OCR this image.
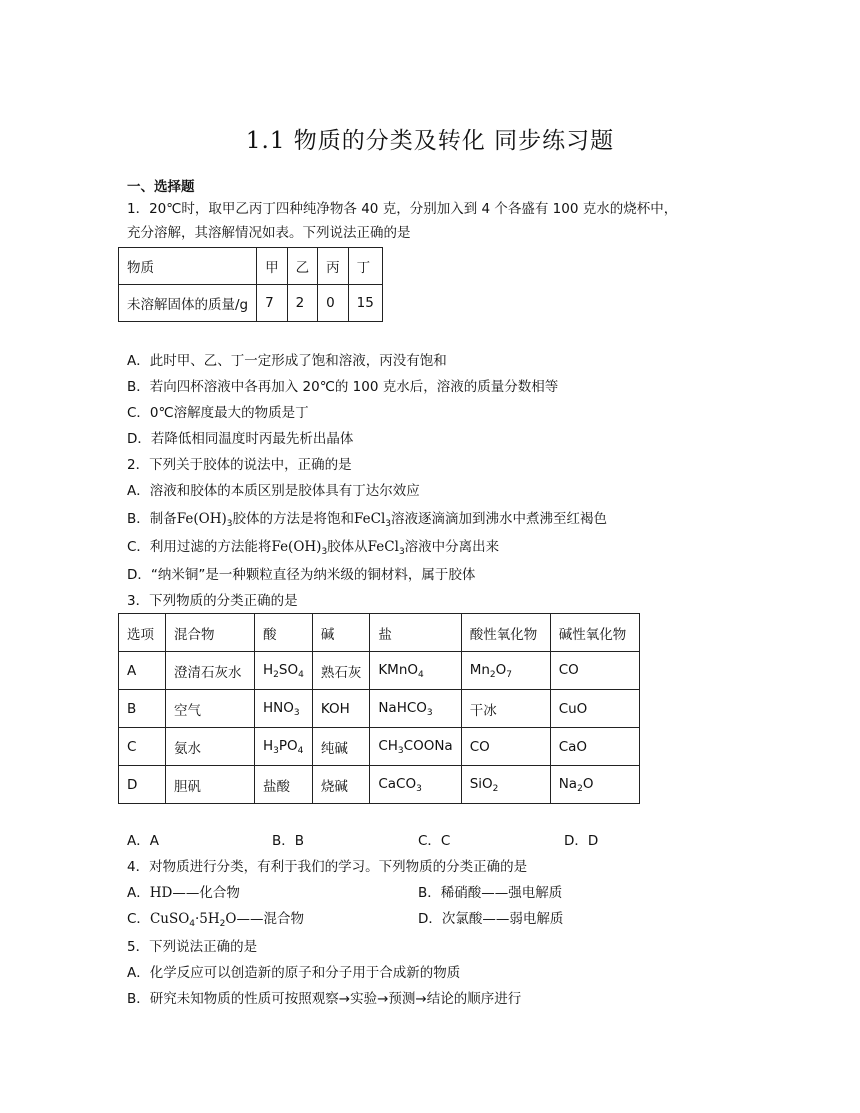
1.1 物质的分类及转化 同步练习题
一、选择题
1．20℃时，取甲乙丙丁四种纯净物各 40 克，分别加入到 4 个各盛有 100 克水的烧杯中，
充分溶解，其溶解情况如表。下列说法正确的是
物质	甲	乙	丙	丁
未溶解固体的质量/g	7	2	0	15
A．此时甲、乙、丁一定形成了饱和溶液，丙没有饱和
B．若向四杯溶液中各再加入 20℃的 100 克水后，溶液的质量分数相等
C．0℃溶解度最大的物质是丁
D．若降低相同温度时丙最先析出晶体
2．下列关于胶体的说法中，正确的是
A．溶液和胶体的本质区别是胶体具有丁达尔效应
B．制备$Fe(OH)_3$胶体的方法是将饱和FeCl$_3$溶液逐滴滴加到沸水中煮沸至红褐色
C．利用过滤的方法能将$Fe(OH)_3$胶体从FeCl$_3$溶液中分离出来
D．“纳米铜”是一种颗粒直径为纳米级的铜材料，属于胶体
3．下列物质的分类正确的是
选项	混合物	酸	碱	盐	酸性氧化物	碱性氧化物
A	澄清石灰水	$H_2SO_4$	熟石灰	KMnO$_4$	$Mn_2O_7$	CO
B	空气	$HNO_3$	KOH	NaHCO$_3$	干冰	CuO
C	氨水	$H_3PO_4$	纯碱	$CH_3COONa$	CO	CaO
D	胆矾	盐酸	烧碱	CaCO$_3$	SiO$_2$	$Na_2O$
A．A	B．B	C．C	D．D
4．对物质进行分类，有利于我们的学习。下列物质的分类正确的是
A．HD——化合物	B．稀硝酸——强电解质
C．$CuSO_4\cdot 5H_2O——$混合物	D．次氯酸——弱电解质
5．下列说法正确的是
A．化学反应可以创造新的原子和分子用于合成新的物质
B．研究未知物质的性质可按照观察→实验→预测→结论的顺序进行
